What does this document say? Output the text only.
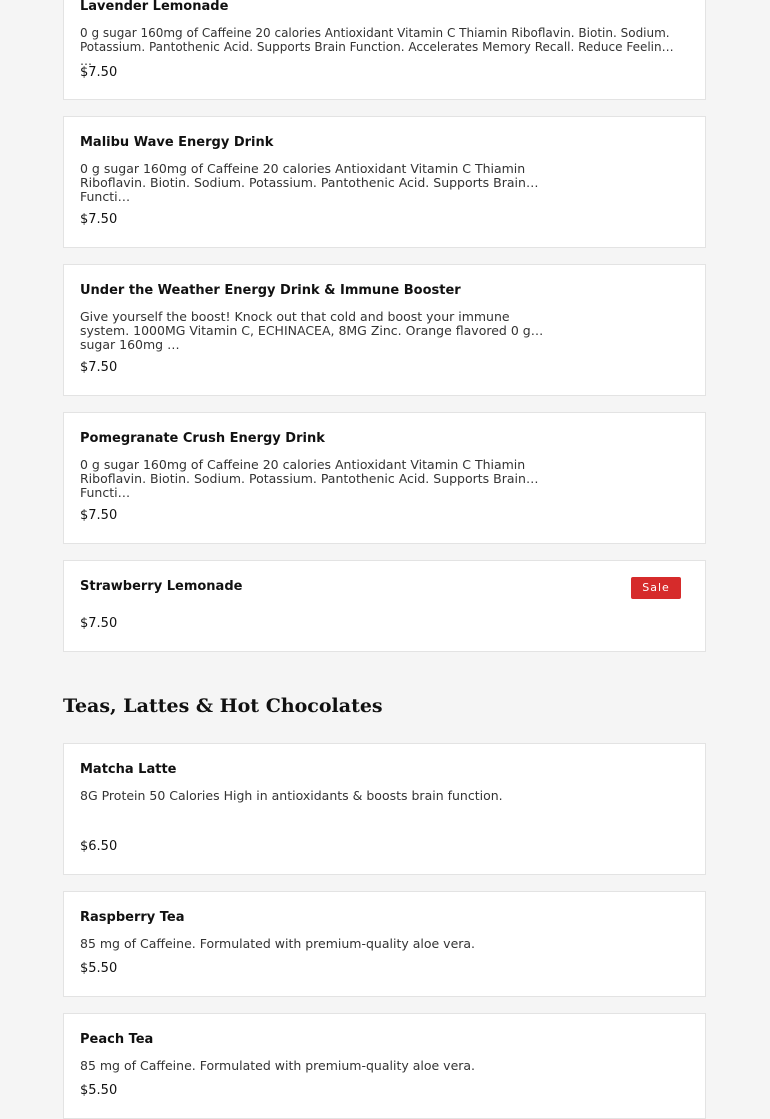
Lavender Lemonade
0 g sugar 160mg of Caffeine 20 calories Antioxidant Vitamin C Thiamin Riboflavin. Biotin. Sodium. Potassium. Pantothenic Acid. Supports Brain Function. Accelerates Memory Recall. Reduce Feeling …
$7.50
Malibu Wave Energy Drink
0 g sugar 160mg of Caffeine 20 calories Antioxidant Vitamin C Thiamin Riboflavin. Biotin. Sodium. Potassium. Pantothenic Acid. Supports Brain Functi…
$7.50
Under the Weather Energy Drink & Immune Booster
Give yourself the boost! Knock out that cold and boost your immune system. 1000MG Vitamin C, ECHINACEA, 8MG Zinc. Orange flavored 0 g sugar 160mg …
$7.50
Pomegranate Crush Energy Drink
0 g sugar 160mg of Caffeine 20 calories Antioxidant Vitamin C Thiamin Riboflavin. Biotin. Sodium. Potassium. Pantothenic Acid. Supports Brain Functi…
$7.50
Strawberry Lemonade	Sale
$7.50
Teas, Lattes & Hot Chocolates
Matcha Latte
8G Protein 50 Calories High in antioxidants & boosts brain function.
$6.50
Raspberry Tea
85 mg of Caffeine. Formulated with premium-quality aloe vera.
$5.50
Peach Tea
85 mg of Caffeine. Formulated with premium-quality aloe vera.
$5.50
